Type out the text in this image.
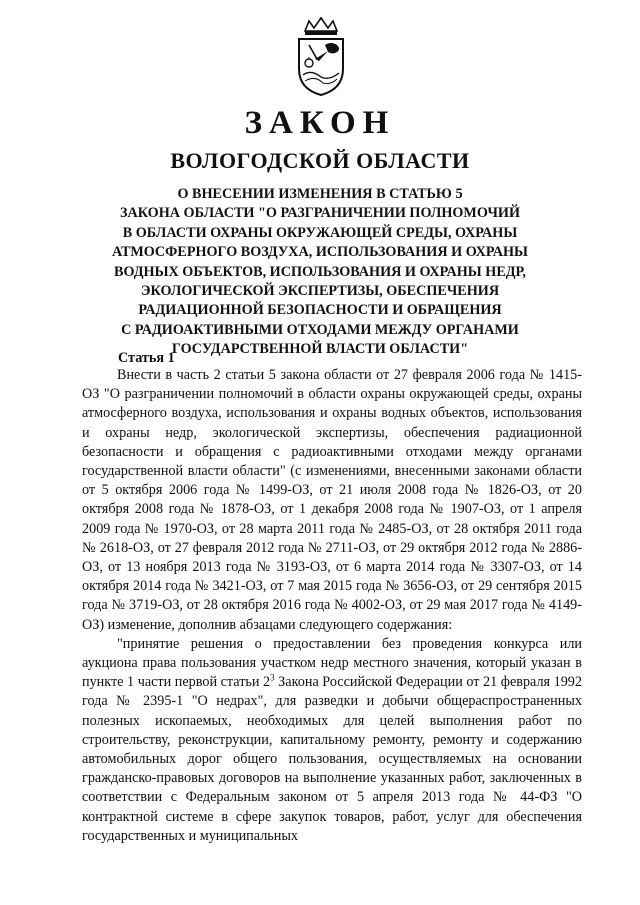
ЗАКОН
ВОЛОГОДСКОЙ ОБЛАСТИ
О ВНЕСЕНИИ ИЗМЕНЕНИЯ В СТАТЬЮ 5
ЗАКОНА ОБЛАСТИ "О РАЗГРАНИЧЕНИИ ПОЛНОМОЧИЙ
В ОБЛАСТИ ОХРАНЫ ОКРУЖАЮЩЕЙ СРЕДЫ, ОХРАНЫ
АТМОСФЕРНОГО ВОЗДУХА, ИСПОЛЬЗОВАНИЯ И ОХРАНЫ
ВОДНЫХ ОБЪЕКТОВ, ИСПОЛЬЗОВАНИЯ И ОХРАНЫ НЕДР,
ЭКОЛОГИЧЕСКОЙ ЭКСПЕРТИЗЫ, ОБЕСПЕЧЕНИЯ
РАДИАЦИОННОЙ БЕЗОПАСНОСТИ И ОБРАЩЕНИЯ
С РАДИОАКТИВНЫМИ ОТХОДАМИ МЕЖДУ ОРГАНАМИ
ГОСУДАРСТВЕННОЙ ВЛАСТИ ОБЛАСТИ"
Статья 1

Внести в часть 2 статьи 5 закона области от 27 февраля 2006 года № 1415-ОЗ "О разграничении полномочий в области охраны окружающей среды, охраны атмосферного воздуха, использования и охраны водных объектов, использования и охраны недр, экологической экспертизы, обеспечения радиационной безопасности и обращения с радиоактивными отходами между органами государственной власти области" (с изменениями, внесенными законами области от 5 октября 2006 года № 1499-ОЗ, от 21 июля 2008 года № 1826-ОЗ, от 20 октября 2008 года № 1878-ОЗ, от 1 декабря 2008 года № 1907-ОЗ, от 1 апреля 2009 года № 1970-ОЗ, от 28 марта 2011 года № 2485-ОЗ, от 28 октября 2011 года № 2618-ОЗ, от 27 февраля 2012 года № 2711-ОЗ, от 29 октября 2012 года № 2886-ОЗ, от 13 ноября 2013 года № 3193-ОЗ, от 6 марта 2014 года № 3307-ОЗ, от 14 октября 2014 года № 3421-ОЗ, от 7 мая 2015 года № 3656-ОЗ, от 29 сентября 2015 года № 3719-ОЗ, от 28 октября 2016 года № 4002-ОЗ, от 29 мая 2017 года № 4149-ОЗ) изменение, дополнив абзацами следующего содержания:

"принятие решения о предоставлении без проведения конкурса или аукциона права пользования участком недр местного значения, который указан в пункте 1 части первой статьи $2^3$ Закона Российской Федерации от 21 февраля 1992 года № 2395-1 "О недрах", для разведки и добычи общераспространенных полезных ископаемых, необходимых для целей выполнения работ по строительству, реконструкции, капитальному ремонту, ремонту и содержанию автомобильных дорог общего пользования, осуществляемых на основании гражданско-правовых договоров на выполнение указанных работ, заключенных в соответствии с Федеральным законом от 5 апреля 2013 года № 44-ФЗ "О контрактной системе в сфере закупок товаров, работ, услуг для обеспечения государственных и муниципальных
